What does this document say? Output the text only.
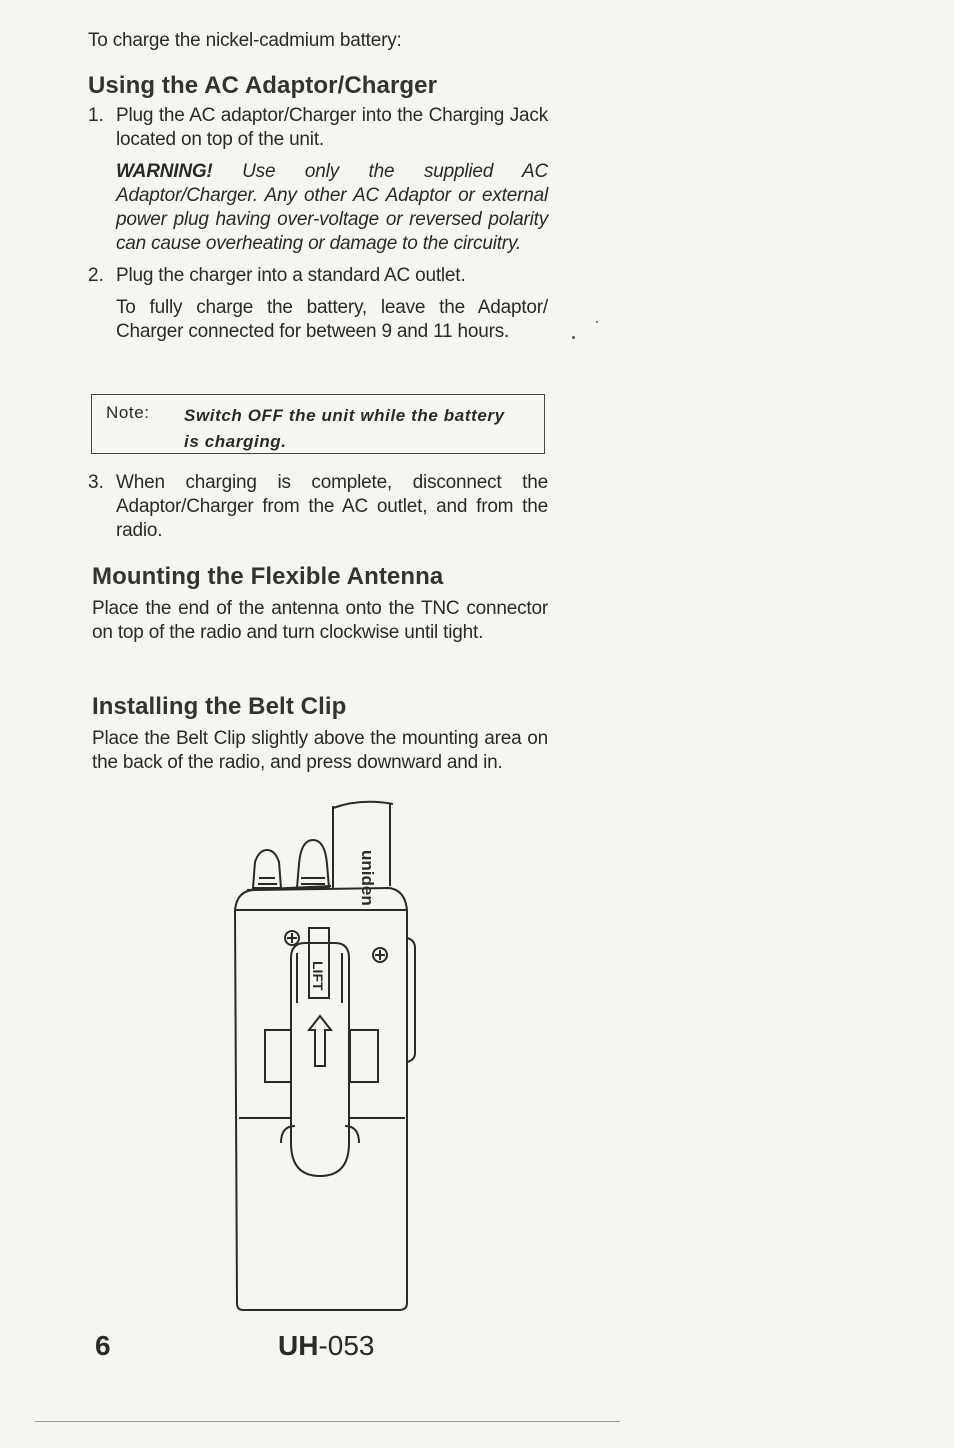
To charge the nickel-cadmium battery:
Using the AC Adaptor/Charger
1. Plug the AC adaptor/Charger into the Charging Jack located on top of the unit.

WARNING! Use only the supplied AC Adaptor/Charger. Any other AC Adaptor or external power plug having over-voltage or reversed polarity can cause overheating or damage to the circuitry.

2. Plug the charger into a standard AC outlet.

To fully charge the battery, leave the Adaptor/ Charger connected for between 9 and 11 hours.

Note: Switch OFF the unit while the battery is charging.
3. When charging is complete, disconnect the Adaptor/Charger from the AC outlet, and from the radio.

Mounting the Flexible Antenna

Place the end of the antenna onto the TNC connector on top of the radio and turn clockwise until tight.

Installing the Belt Clip

Place the Belt Clip slightly above the mounting area on the back of the radio, and press downward and in.

uniden
LIFT
6	UH-053
